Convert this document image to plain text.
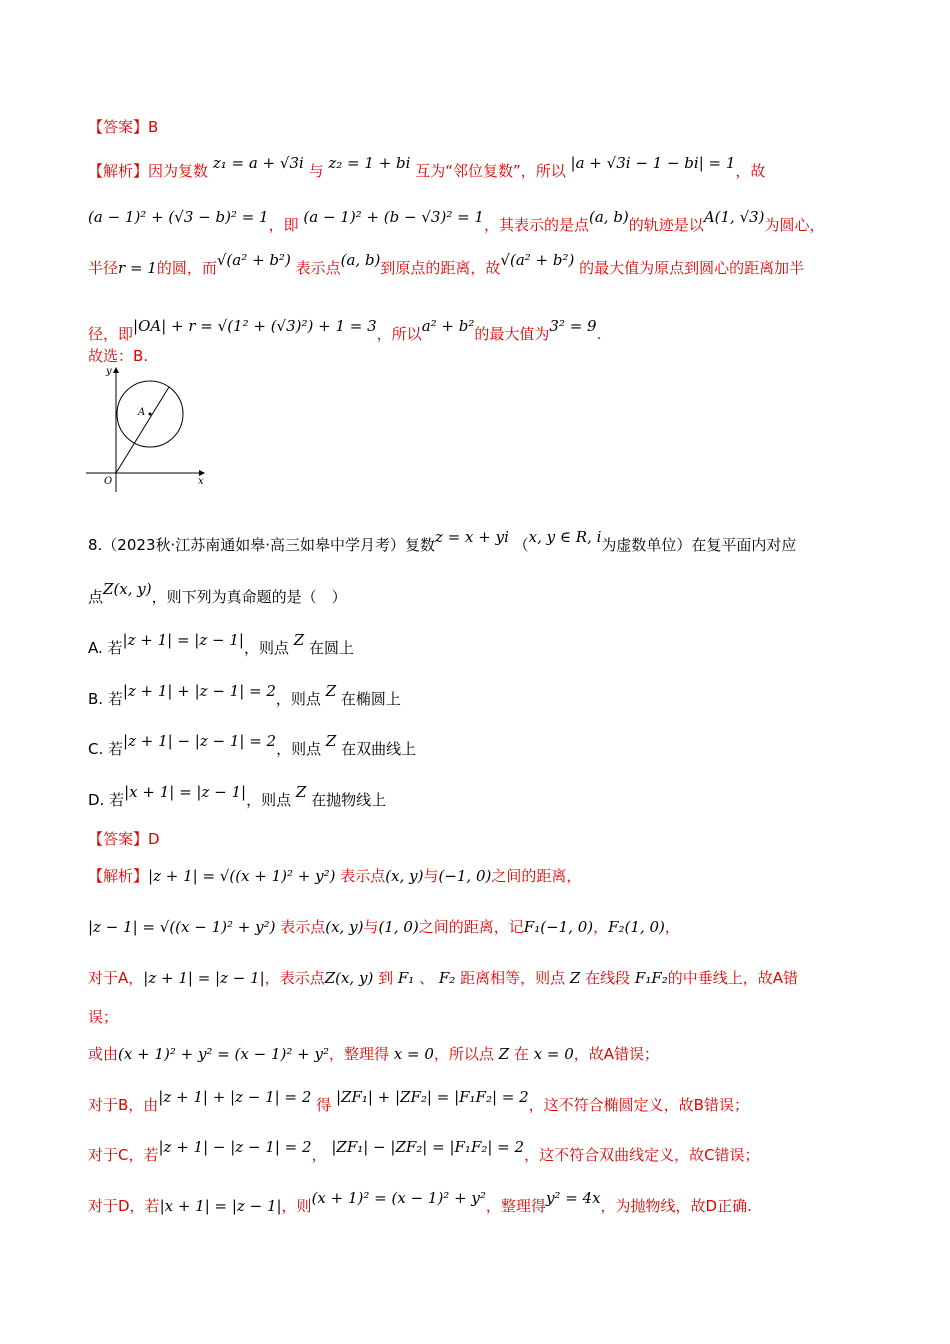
【答案】B
【解析】因为复数 z₁ = a + √3i 与 z₂ = 1 + bi 互为“邻位复数”，所以 |a + √3i − 1 − bi| = 1，故
(a − 1)² + (√3 − b)² = 1，即 (a − 1)² + (b − √3)² = 1，其表示的是点(a, b)的轨迹是以A(1, √3)为圆心，
半径r = 1的圆，而√(a² + b²) 表示点(a, b)到原点的距离，故√(a² + b²) 的最大值为原点到圆心的距离加半
径，即|OA| + r = √(1² + (√3)²) + 1 = 3，所以a² + b²的最大值为3² = 9.
故选：B.
y
x
O
A
8.（2023秋·江苏南通如皋·高三如皋中学月考）复数z = x + yi （x, y ∈ R, i为虚数单位）在复平面内对应
点Z(x, y)，则下列为真命题的是（　）
A. 若|z + 1| = |z − 1|，则点 Z 在圆上
B. 若|z + 1| + |z − 1| = 2，则点 Z 在椭圆上
C. 若|z + 1| − |z − 1| = 2，则点 Z 在双曲线上
D. 若|x + 1| = |z − 1|，则点 Z 在抛物线上
【答案】D
【解析】|z + 1| = √((x + 1)² + y²) 表示点(x, y)与(−1, 0)之间的距离，
|z − 1| = √((x − 1)² + y²) 表示点(x, y)与(1, 0)之间的距离，记F₁(−1, 0)，F₂(1, 0)，
对于A，|z + 1| = |z − 1|，表示点Z(x, y) 到 F₁ 、 F₂ 距离相等，则点 Z 在线段 F₁F₂的中垂线上，故A错
误；
或由(x + 1)² + y² = (x − 1)² + y²，整理得 x = 0，所以点 Z 在 x = 0，故A错误；
对于B，由|z + 1| + |z − 1| = 2 得 |ZF₁| + |ZF₂| = |F₁F₂| = 2，这不符合椭圆定义，故B错误；
对于C，若|z + 1| − |z − 1| = 2， |ZF₁| − |ZF₂| = |F₁F₂| = 2，这不符合双曲线定义，故C错误；
对于D，若|x + 1| = |z − 1|，则(x + 1)² = (x − 1)² + y²，整理得y² = 4x，为抛物线，故D正确.
